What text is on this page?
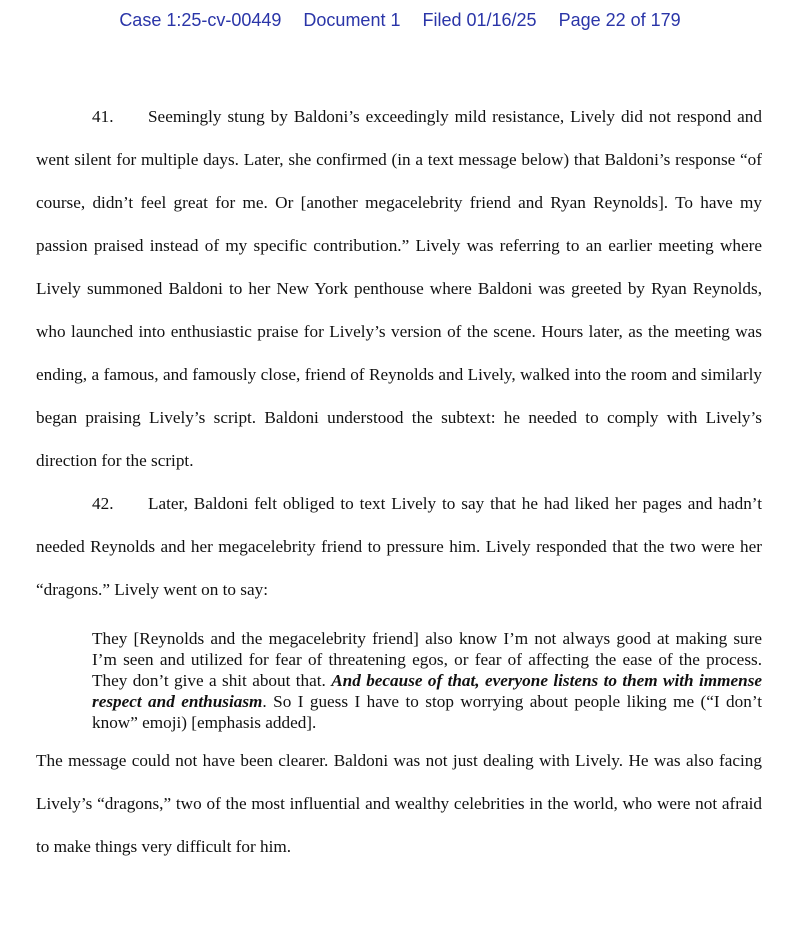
Case 1:25-cv-00449 Document 1 Filed 01/16/25 Page 22 of 179

41. Seemingly stung by Baldoni’s exceedingly mild resistance, Lively did not respond and went silent for multiple days. Later, she confirmed (in a text message below) that Baldoni’s response “of course, didn’t feel great for me. Or [another megacelebrity friend and Ryan Reynolds]. To have my passion praised instead of my specific contribution.” Lively was referring to an earlier meeting where Lively summoned Baldoni to her New York penthouse where Baldoni was greeted by Ryan Reynolds, who launched into enthusiastic praise for Lively’s version of the scene. Hours later, as the meeting was ending, a famous, and famously close, friend of Reynolds and Lively, walked into the room and similarly began praising Lively’s script. Baldoni understood the subtext: he needed to comply with Lively’s direction for the script.

42. Later, Baldoni felt obliged to text Lively to say that he had liked her pages and hadn’t needed Reynolds and her megacelebrity friend to pressure him. Lively responded that the two were her “dragons.” Lively went on to say:

They [Reynolds and the megacelebrity friend] also know I’m not always good at making sure I’m seen and utilized for fear of threatening egos, or fear of affecting the ease of the process. They don’t give a shit about that. And because of that, everyone listens to them with immense respect and enthusiasm. So I guess I have to stop worrying about people liking me (“I don’t know” emoji) [emphasis added].

The message could not have been clearer. Baldoni was not just dealing with Lively. He was also facing Lively’s “dragons,” two of the most influential and wealthy celebrities in the world, who were not afraid to make things very difficult for him.
